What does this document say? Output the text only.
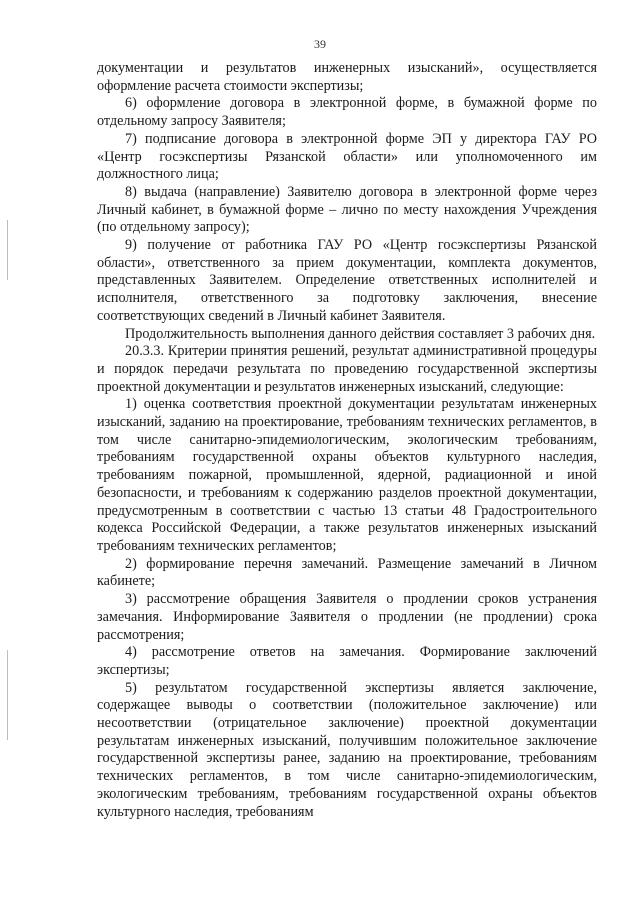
39

документации и результатов инженерных изысканий», осуществляется оформление расчета стоимости экспертизы;

6) оформление договора в электронной форме, в бумажной форме по отдельному запросу Заявителя;

7) подписание договора в электронной форме ЭП у директора ГАУ РО «Центр госэкспертизы Рязанской области» или уполномоченного им должностного лица;

8) выдача (направление) Заявителю договора в электронной форме через Личный кабинет, в бумажной форме – лично по месту нахождения Учреждения (по отдельному запросу);

9) получение от работника ГАУ РО «Центр госэкспертизы Рязанской области», ответственного за прием документации, комплекта документов, представленных Заявителем. Определение ответственных исполнителей и исполнителя, ответственного за подготовку заключения, внесение соответствующих сведений в Личный кабинет Заявителя.

Продолжительность выполнения данного действия составляет 3 рабочих дня.

20.3.3. Критерии принятия решений, результат административной процедуры и порядок передачи результата по проведению государственной экспертизы проектной документации и результатов инженерных изысканий, следующие:

1) оценка соответствия проектной документации результатам инженерных изысканий, заданию на проектирование, требованиям технических регламентов, в том числе санитарно-эпидемиологическим, экологическим требованиям, требованиям государственной охраны объектов культурного наследия, требованиям пожарной, промышленной, ядерной, радиационной и иной безопасности, и требованиям к содержанию разделов проектной документации, предусмотренным в соответствии с частью 13 статьи 48 Градостроительного кодекса Российской Федерации, а также результатов инженерных изысканий требованиям технических регламентов;

2) формирование перечня замечаний. Размещение замечаний в Личном кабинете;

3) рассмотрение обращения Заявителя о продлении сроков устранения замечания. Информирование Заявителя о продлении (не продлении) срока рассмотрения;

4) рассмотрение ответов на замечания. Формирование заключений экспертизы;

5) результатом государственной экспертизы является заключение, содержащее выводы о соответствии (положительное заключение) или несоответствии (отрицательное заключение) проектной документации результатам инженерных изысканий, получившим положительное заключение государственной экспертизы ранее, заданию на проектирование, требованиям технических регламентов, в том числе санитарно-эпидемиологическим, экологическим требованиям, требованиям государственной охраны объектов культурного наследия, требованиям
